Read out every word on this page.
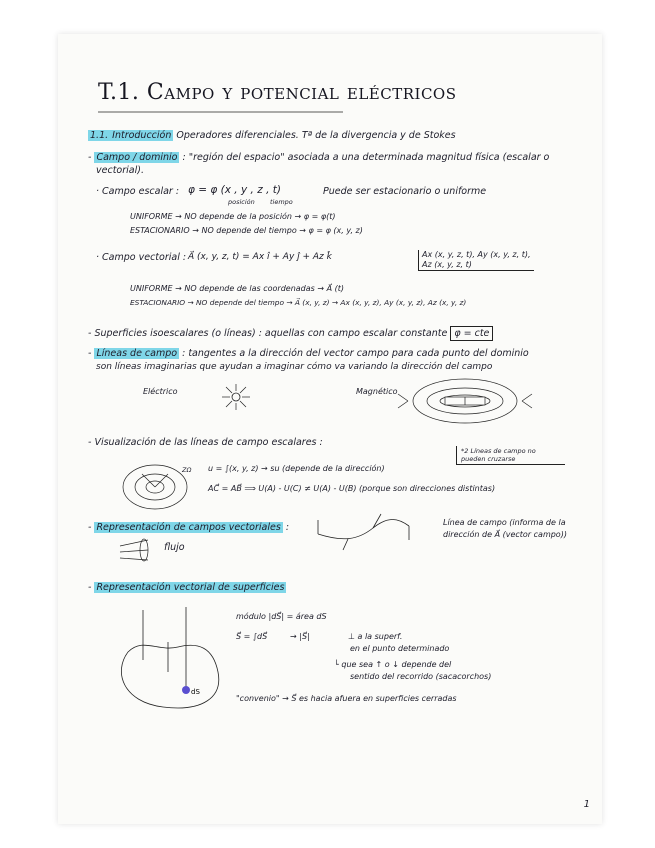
T.1. Campo y potencial eléctricos
1.1. Introducción Operadores diferenciales. Tª de la divergencia y de Stokes
- Campo / dominio : "región del espacio" asociada a una determinada magnitud física (escalar o
vectorial).
· Campo escalar : φ = φ (x , y , z , t)
posición tiempo
Puede ser estacionario o uniforme
UNIFORME → NO depende de la posición → φ = φ(t)
ESTACIONARIO → NO depende del tiempo → φ = φ (x, y, z)
· Campo vectorial : A⃗ (x, y, z, t) = Ax î + Ay ĵ + Az k̂	Ax (x, y, z, t), Ay (x, y, z, t),
Az (x, y, z, t)
UNIFORME → NO depende de las coordenadas → A⃗ (t)
ESTACIONARIO → NO depende del tiempo → A⃗ (x, y, z) → Ax (x, y, z), Ay (x, y, z), Az (x, y, z)
- Superficies isoescalares (o líneas) : aquellas con campo escalar constante φ = cte
- Líneas de campo : tangentes a la dirección del vector campo para cada punto del dominio
son líneas imaginarias que ayudan a imaginar cómo va variando la dirección del campo
Eléctrico	Magnético
- Visualización de las líneas de campo escalares :
*2 Líneas de campo no pueden cruzarse
ZΩ u = ∫(x, y, z) → su (depende de la dirección)
AC⃗ = AB⃗ ⟹ U(A) - U(C) ≠ U(A) - U(B) (porque son direcciones distintas)
- Representación de campos vectoriales :
flujo
Línea de campo (informa de la
dirección de A⃗ (vector campo))
- Representación vectorial de superficies
dS
módulo |dS⃗| = área dS
S⃗ = ∫dS⃗	→ |S⃗|	⊥ a la superf.
en el punto determinado
└ que sea ↑ o ↓ depende del
sentido del recorrido (sacacorchos)
"convenio" → S⃗ es hacia afuera en superficies cerradas
1
